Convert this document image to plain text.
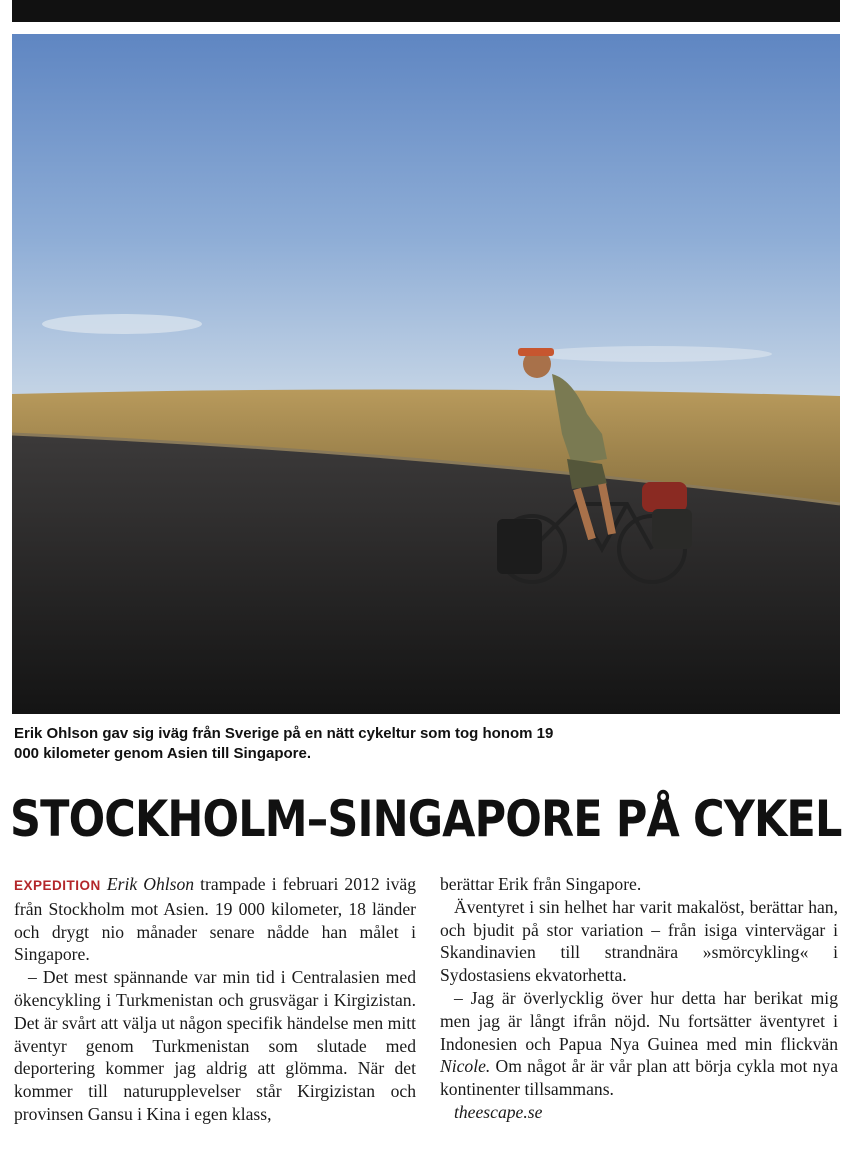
Erik Ohlson gav sig iväg från Sverige på en nätt cykeltur som tog honom 19 000 kilometer genom Asien till Singapore.
STOCKHOLM–SINGAPORE PÅ CYKEL

EXPEDITION Erik Ohlson trampade i februari 2012 iväg från Stockholm mot Asien. 19 000 kilometer, 18 länder och drygt nio månader senare nådde han målet i Singapore.

– Det mest spännande var min tid i Centralasien med ökencykling i Turkmenistan och grusvägar i Kirgizistan. Det är svårt att välja ut någon specifik händelse men mitt äventyr genom Turkmenistan som slutade med deportering kommer jag aldrig att glömma. När det kommer till naturupplevelser står Kirgizistan och provinsen Gansu i Kina i egen klass,

berättar Erik från Singapore.

Äventyret i sin helhet har varit makalöst, berättar han, och bjudit på stor variation – från isiga vintervägar i Skandinavien till strandnära »smörcykling« i Sydostasiens ekvatorhetta.

– Jag är överlycklig över hur detta har berikat mig men jag är långt ifrån nöjd. Nu fortsätter äventyret i Indonesien och Papua Nya Guinea med min flickvän Nicole. Om något år är vår plan att börja cykla mot nya kontinenter tillsammans.

theescape.se
